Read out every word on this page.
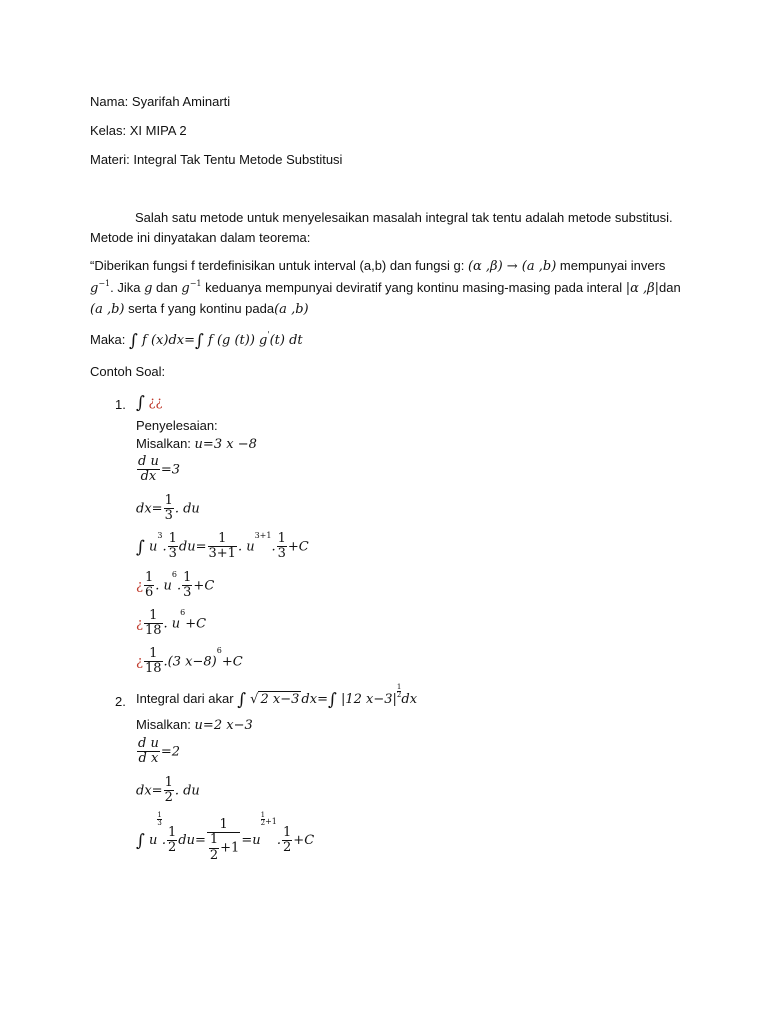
Nama: Syarifah Aminarti
Kelas: XI MIPA 2
Materi: Integral Tak Tentu Metode Substitusi
Salah satu metode untuk menyelesaikan masalah integral tak tentu adalah metode substitusi.
Metode ini dinyatakan dalam teorema:
“Diberikan fungsi f terdefinisikan untuk interval (a,b) dan fungsi g: (α ,β) → (a ,b) mempunyai invers
$g^{-1}$. Jika g dan $g^{-1}$ keduanya mempunyai deviratif yang kontinu masing-masing pada interal |α ,β|dan
(a ,b) serta f yang kontinu pada(a ,b)
Maka: ∫ f (x)dx=∫ f (g (t)) g'(t) dt
Contoh Soal:
1. ∫ ¿¿
Penyelesaian:
Misalkan: u=3 x −8
$\frac{\text{d u}}{dx} =3$
$dx= \frac{1}{3}$ . du
∫ $u^3$. $\frac{1}{3} du= \frac{1}{3+1}$ . $u^{3+1}$. $\frac{1}{3} +C$
¿ $\frac{1}{6}$ . $u^6$. $\frac{1}{3} +C$
¿ $\frac{1}{18}$ . $u^6+C$
¿ $\frac{1}{18} .(3$ x−8)$^6$+C
2. Integral dari akar ∫ √ 2 x−3 dx=∫ |12 x−3|
$\frac{1}{2}$
dx
Misalkan: u=2 x−3
$\frac{\text{d u}}{\text{d x}} =2$
$dx= \frac{1}{2}$ . du
∫ u
$\frac{1}{3}$
. $\frac{1}{2} du= \frac{1}{\frac{1}{2} +1} =u$
$\frac{1}{2} ^{+1}$. $\frac{1}{2} +C$
